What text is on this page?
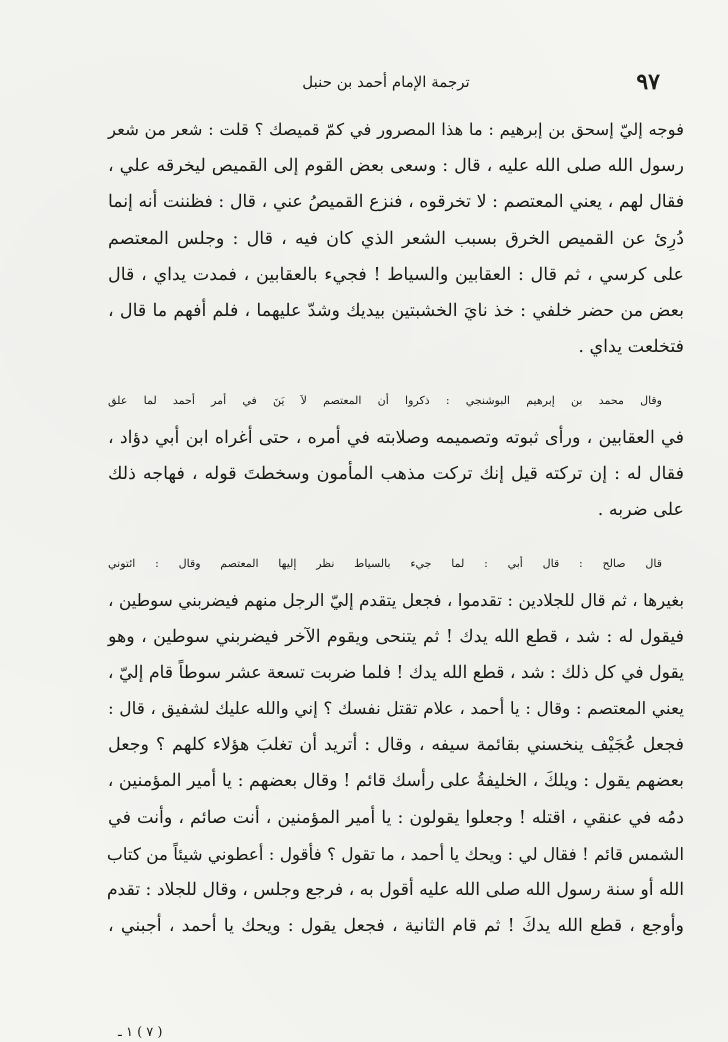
٩٧
ترجمة الإمام أحمد بن حنبل

فوجه إليّ إسحق بن إبرهيم : ما هذا المصرور في كمّ قميصك ؟ قلت : شعر من شعر
رسول الله صلى الله عليه ، قال : وسعى بعض القوم إلى القميص ليخرقه علي ،
فقال لهم ، يعني المعتصم : لا تخرقوه ، فنزع القميصُ عني ، قال : فظننت أنه إنما
دُرِئ عن القميص الخرق بسبب الشعر الذي كان فيه ، قال : وجلس المعتصم
على كرسي ، ثم قال : العقابين والسياط ! فجيء بالعقابين ، فمدت يداي ، قال
بعض من حضر خلفي : خذ نايَ الخشبتين بيديك وشدّ عليهما ، فلم أفهم ما قال ،
فتخلعت يداي .

وقال محمد بن إبرهيم البوشنجي : ذكروا أن المعتصم لاَ يَنَ في أمر أحمد لما علق
في العقابين ، ورأى ثبوته وتصميمه وصلابته في أمره ، حتى أغراه ابن أبي دؤاد ،
فقال له : إن تركته قيل إنك تركت مذهب المأمون وسخطتَ قوله ، فهاجه ذلك
على ضربه .

قال صالح : قال أبي : لما جيء بالسياط نظر إليها المعتصم وقال : ائتوني
بغيرها ، ثم قال للجلادين : تقدموا ، فجعل يتقدم إليّ الرجل منهم فيضربني سوطين ،
فيقول له : شد ، قطع الله يدك ! ثم يتنحى ويقوم الآخر فيضربني سوطين ، وهو
يقول في كل ذلك : شد ، قطع الله يدك ! فلما ضربت تسعة عشر سوطاً قام إليّ ،
يعني المعتصم : وقال : يا أحمد ، علام تقتل نفسك ؟ إني والله عليك لشفيق ، قال :
فجعل عُجَيْف ينخسني بقائمة سيفه ، وقال : أتريد أن تغلبَ هؤلاء كلهم ؟ وجعل
بعضهم يقول : ويلكَ ، الخليفةُ على رأسك قائم ! وقال بعضهم : يا أمير المؤمنين ،
دمُه في عنقي ، اقتله ! وجعلوا يقولون : يا أمير المؤمنين ، أنت صائم ، وأنت في
الشمس قائم ! فقال لي : ويحك يا أحمد ، ما تقول ؟ فأقول : أعطوني شيئاً من كتاب
الله أو سنة رسول الله صلى الله عليه أقول به ، فرجع وجلس ، وقال للجلاد : تقدم
وأوجع ، قطع الله يدكَ ! ثم قام الثانية ، فجعل يقول : ويحك يا أحمد ، أجبني ،

( ٧ ) ١ ـ
